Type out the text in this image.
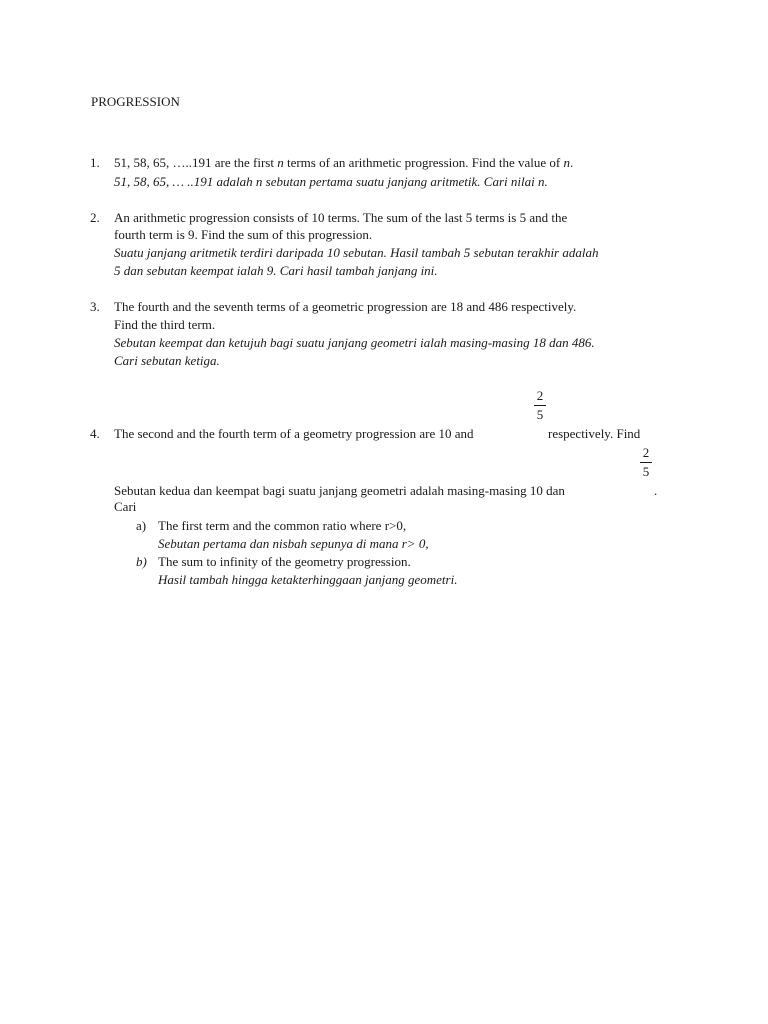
PROGRESSION
1.	51, 58, 65, …..191 are the first n terms of an arithmetic progression. Find the value of n.
51, 58, 65, … ..191 adalah n sebutan pertama suatu janjang aritmetik. Cari nilai n.
2.	An arithmetic progression consists of 10 terms. The sum of the last 5 terms is 5 and the
fourth term is 9. Find the sum of this progression.
Suatu janjang aritmetik terdiri daripada 10 sebutan. Hasil tambah 5 sebutan terakhir adalah
5 dan sebutan keempat ialah 9. Cari hasil tambah janjang ini.
3.	The fourth and the seventh terms of a geometric progression are 18 and 486 respectively.
Find the third term.
Sebutan keempat dan ketujuh bagi suatu janjang geometri ialah masing-masing 18 dan 486.
Cari sebutan ketiga.
2
5
4.	The second and the fourth term of a geometry progression are 10 and	respectively. Find
2
5
Sebutan kedua dan keempat bagi suatu janjang geometri adalah masing-masing 10 dan	.
Cari
a) The first term and the common ratio where r>0,
Sebutan pertama dan nisbah sepunya di mana r> 0,
b) The sum to infinity of the geometry progression.
Hasil tambah hingga ketakterhinggaan janjang geometri.
